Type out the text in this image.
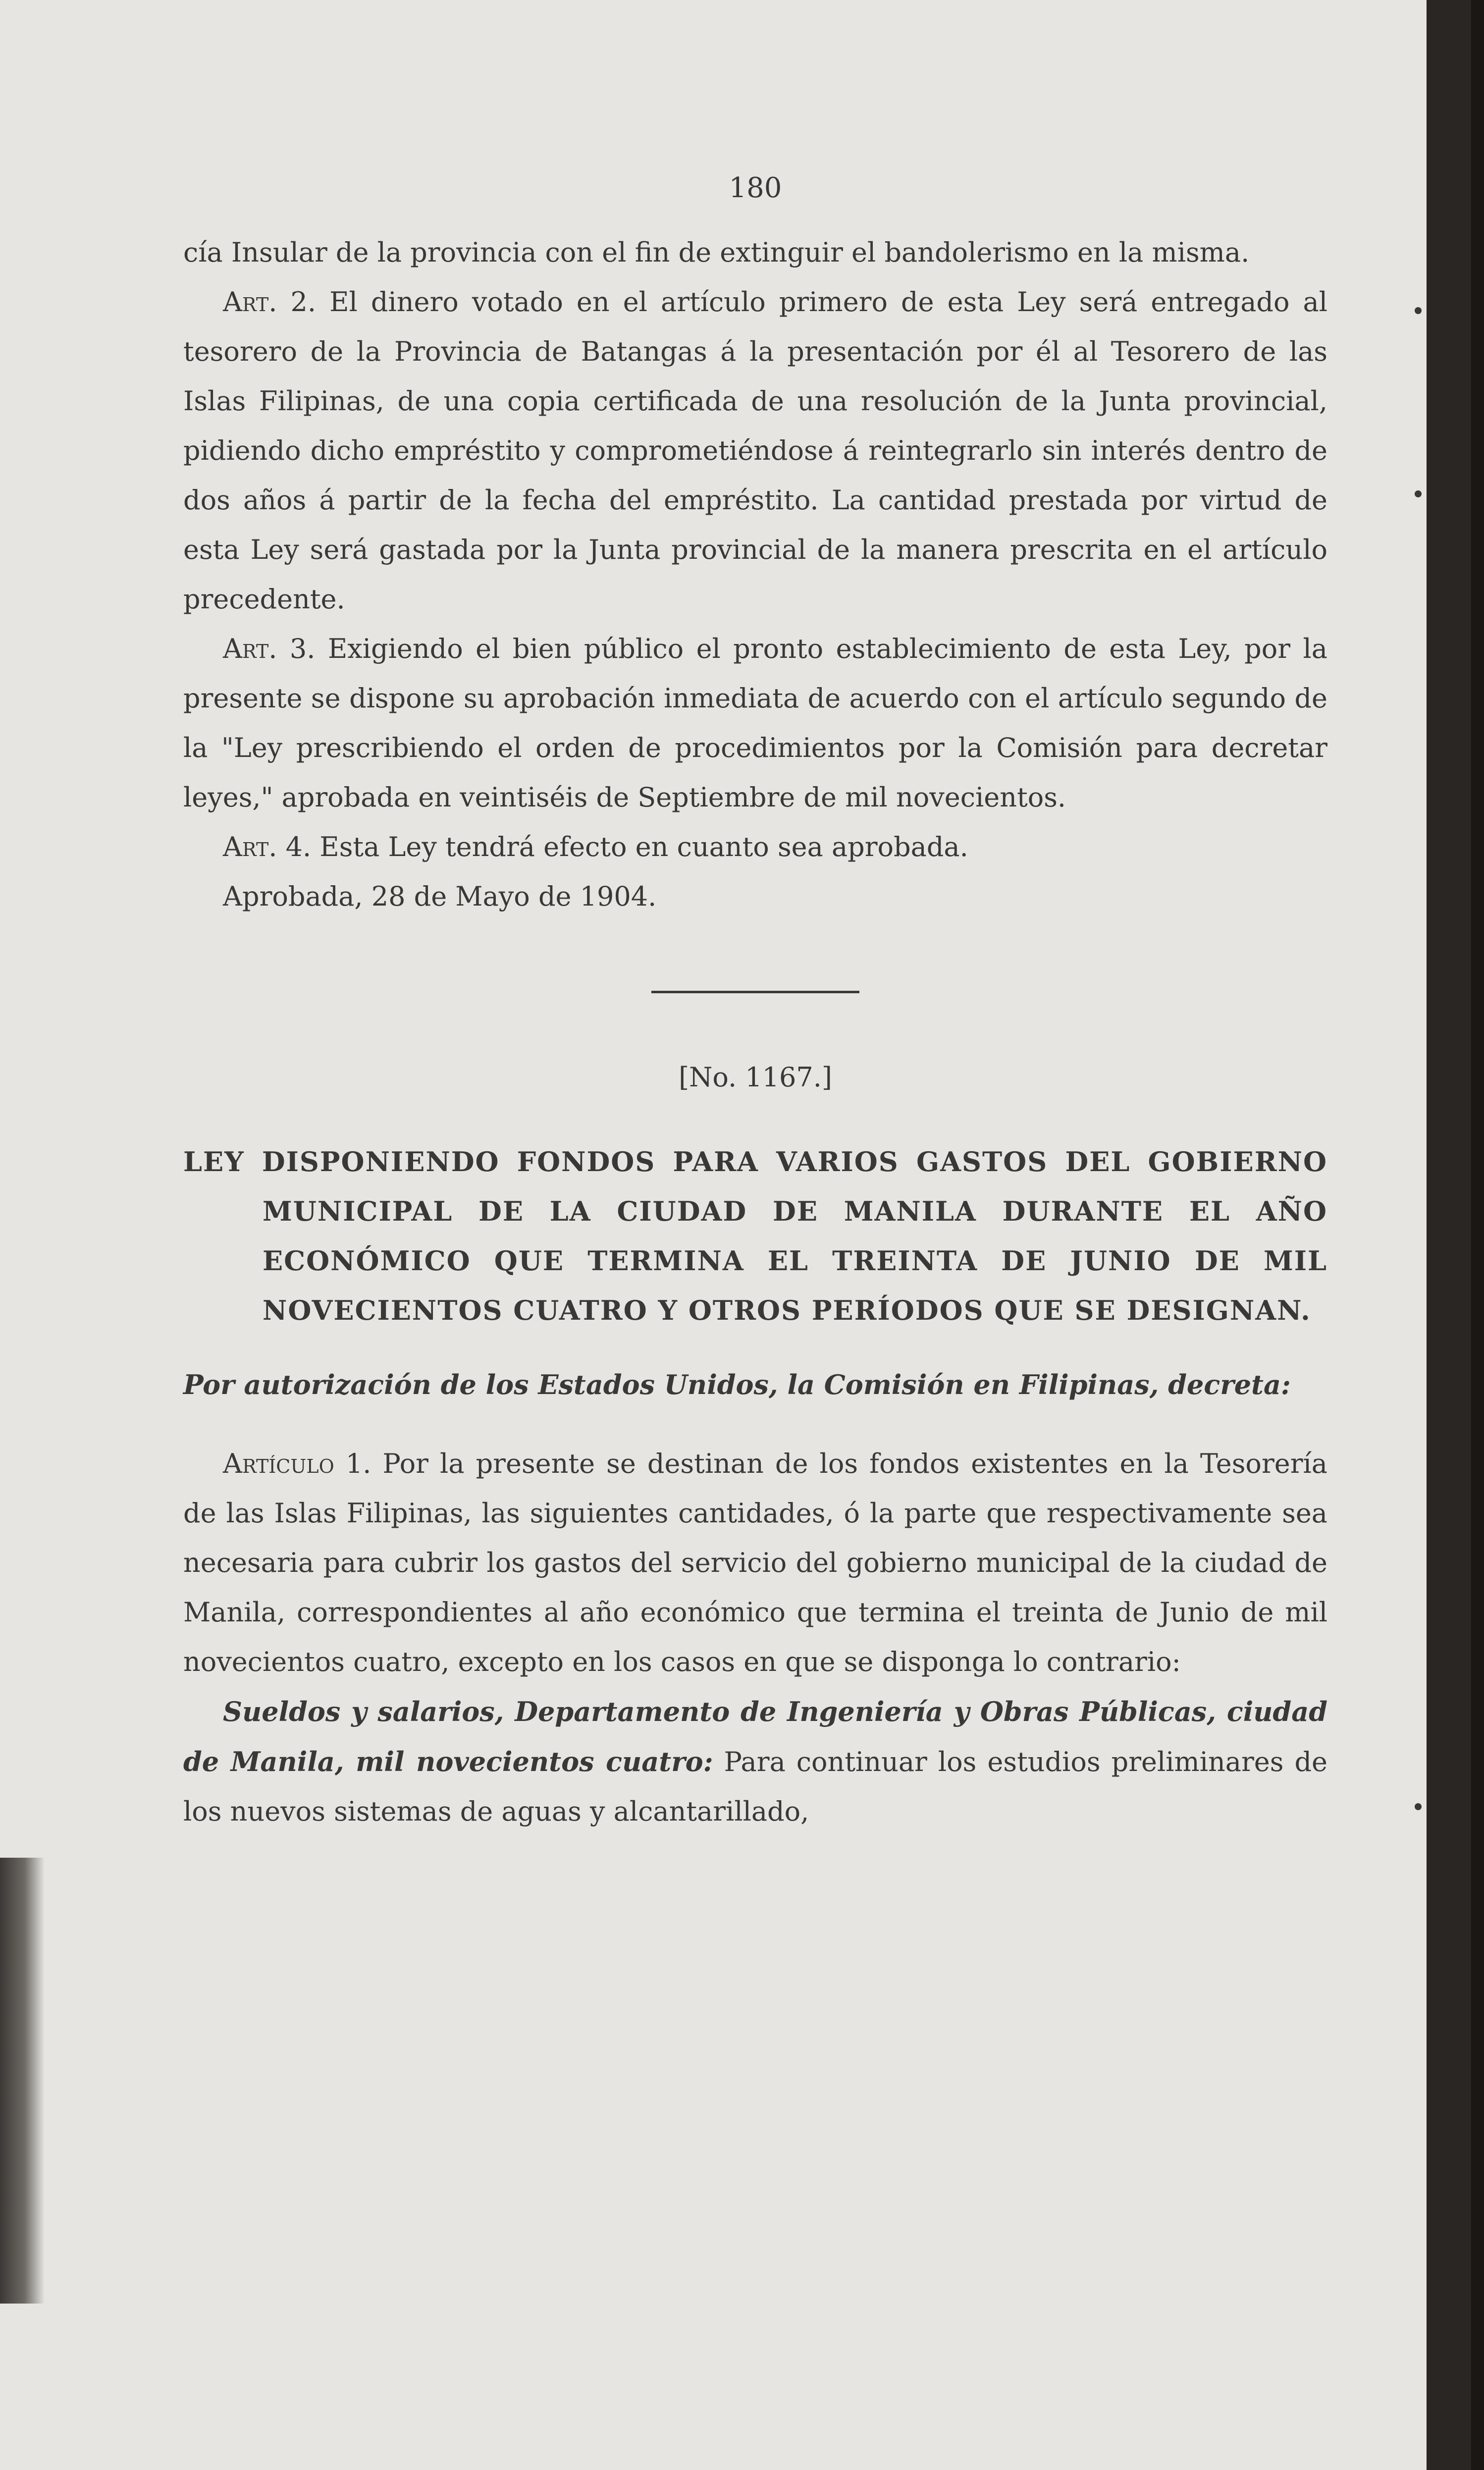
180

cía Insular de la provincia con el fin de extinguir el bandolerismo en la misma.

Art. 2. El dinero votado en el artículo primero de esta Ley será entregado al tesorero de la Provincia de Batangas á la presentación por él al Tesorero de las Islas Filipinas, de una copia certificada de una resolución de la Junta provincial, pidiendo dicho empréstito y comprometiéndose á reintegrarlo sin interés dentro de dos años á partir de la fecha del empréstito. La cantidad prestada por virtud de esta Ley será gastada por la Junta provincial de la manera prescrita en el artículo precedente.

Art. 3. Exigiendo el bien público el pronto establecimiento de esta Ley, por la presente se dispone su aprobación inmediata de acuerdo con el artículo segundo de la "Ley prescribiendo el orden de procedimientos por la Comisión para decretar leyes," aprobada en veintiséis de Septiembre de mil novecientos.

Art. 4. Esta Ley tendrá efecto en cuanto sea aprobada.

Aprobada, 28 de Mayo de 1904.

[No. 1167.]

LEY DISPONIENDO FONDOS PARA VARIOS GASTOS DEL GOBIERNO MUNICIPAL DE LA CIUDAD DE MANILA DURANTE EL AÑO ECONÓMICO QUE TERMINA EL TREINTA DE JUNIO DE MIL NOVECIENTOS CUATRO Y OTROS PERÍODOS QUE SE DESIGNAN.

Por autorización de los Estados Unidos, la Comisión en Filipinas, decreta:

Artículo 1. Por la presente se destinan de los fondos existentes en la Tesorería de las Islas Filipinas, las siguientes cantidades, ó la parte que respectivamente sea necesaria para cubrir los gastos del servicio del gobierno municipal de la ciudad de Manila, correspondientes al año económico que termina el treinta de Junio de mil novecientos cuatro, excepto en los casos en que se disponga lo contrario:

Sueldos y salarios, Departamento de Ingeniería y Obras Públicas, ciudad de Manila, mil novecientos cuatro: Para continuar los estudios preliminares de los nuevos sistemas de aguas y alcantarillado,
